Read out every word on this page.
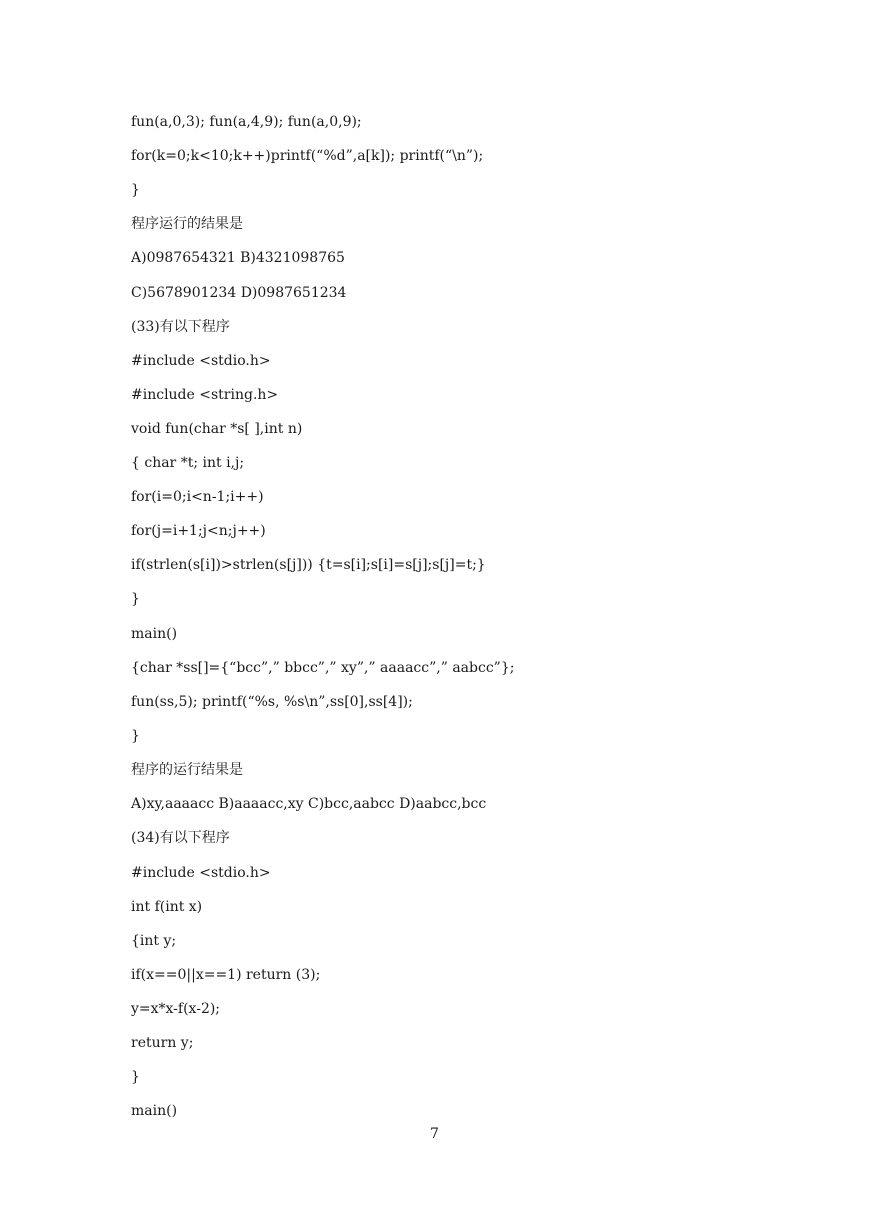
fun(a,0,3); fun(a,4,9); fun(a,0,9);
for(k=0;k<10;k++)printf(“%d”,a[k]); printf(“\n”);
}
程序运行的结果是
A)0987654321 B)4321098765
C)5678901234 D)0987651234
(33)有以下程序
#include <stdio.h>
#include <string.h>
void fun(char *s[ ],int n)
{ char *t; int i,j;
for(i=0;i<n-1;i++)
for(j=i+1;j<n;j++)
if(strlen(s[i])>strlen(s[j])) {t=s[i];s[i]=s[j];s[j]=t;}
}
main()
{char *ss[]={“bcc”,” bbcc”,” xy”,” aaaacc”,” aabcc”};
fun(ss,5); printf(“%s, %s\n”,ss[0],ss[4]);
}
程序的运行结果是
A)xy,aaaacc B)aaaacc,xy C)bcc,aabcc D)aabcc,bcc
(34)有以下程序
#include <stdio.h>
int f(int x)
{int y;
if(x==0||x==1) return (3);
y=x*x-f(x-2);
return y;
}
main()
7
